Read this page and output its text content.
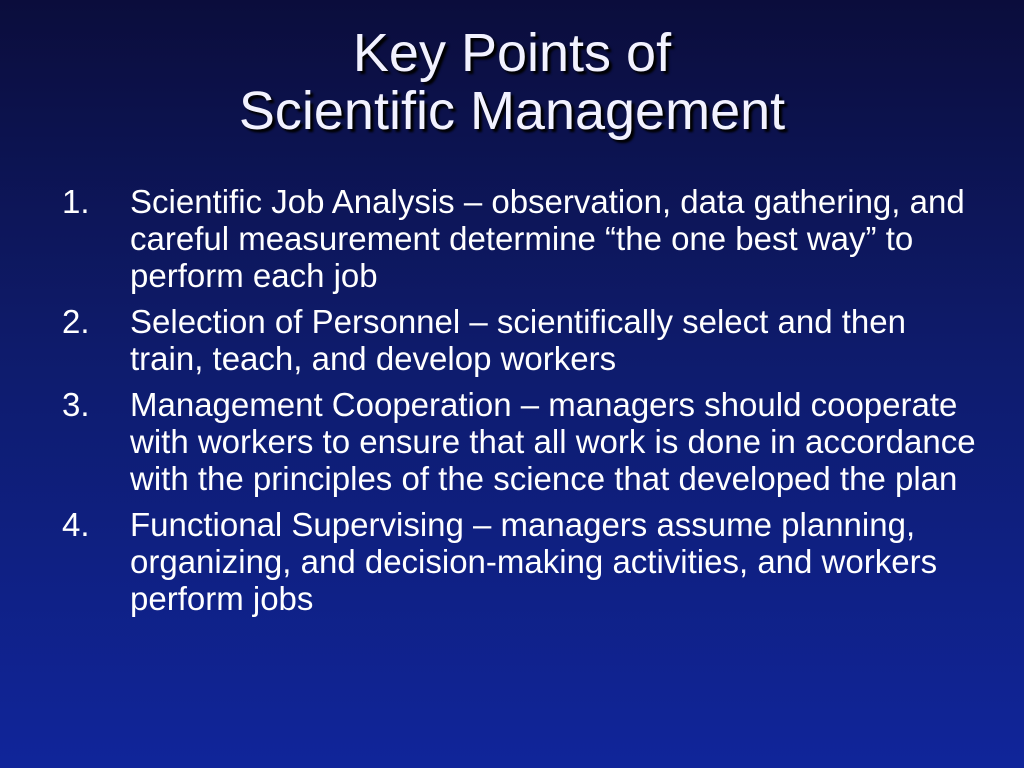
Key Points of
Scientific Management
1.	Scientific Job Analysis – observation, data gathering, and careful measurement determine “the one best way” to perform each job
2.	Selection of Personnel – scientifically select and then train, teach, and develop workers
3.	Management Cooperation – managers should cooperate with workers to ensure that all work is done in accordance with the principles of the science that developed the plan
4.	Functional Supervising – managers assume planning, organizing, and decision-making activities, and workers perform jobs
